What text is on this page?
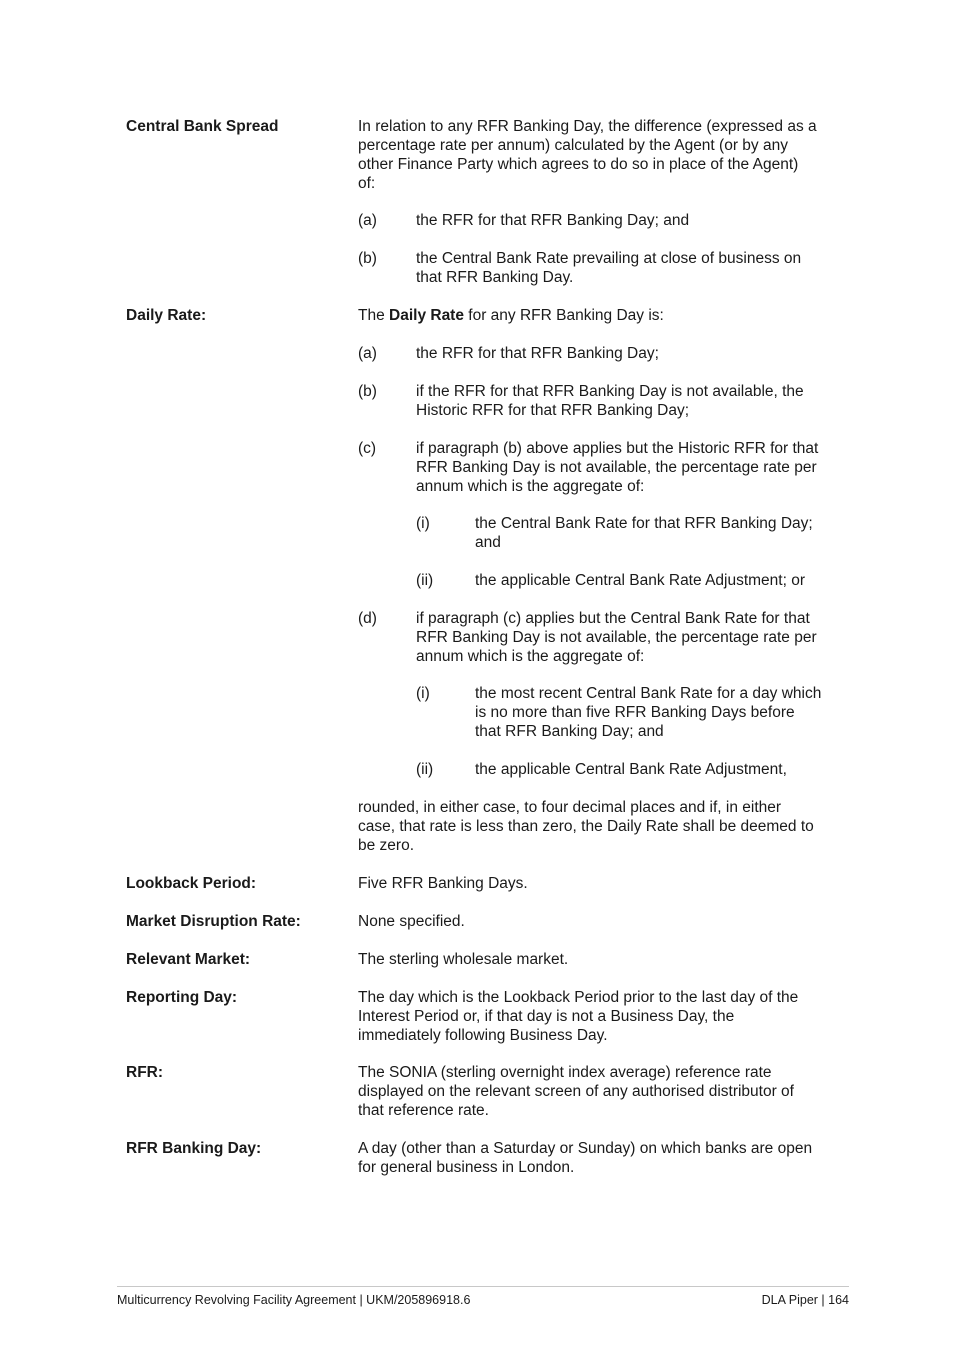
Central Bank Spread	In relation to any RFR Banking Day, the difference (expressed as a
percentage rate per annum) calculated by the Agent (or by any
other Finance Party which agrees to do so in place of the Agent)
of:
(a)	the RFR for that RFR Banking Day; and
(b)	the Central Bank Rate prevailing at close of business on
that RFR Banking Day.
Daily Rate:	The Daily Rate for any RFR Banking Day is:
(a)	the RFR for that RFR Banking Day;
(b)	if the RFR for that RFR Banking Day is not available, the
Historic RFR for that RFR Banking Day;
(c)	if paragraph (b) above applies but the Historic RFR for that
RFR Banking Day is not available, the percentage rate per
annum which is the aggregate of:
(i)	the Central Bank Rate for that RFR Banking Day;
and
(ii)	the applicable Central Bank Rate Adjustment; or
(d)	if paragraph (c) applies but the Central Bank Rate for that
RFR Banking Day is not available, the percentage rate per
annum which is the aggregate of:
(i)	the most recent Central Bank Rate for a day which
is no more than five RFR Banking Days before
that RFR Banking Day; and
(ii)	the applicable Central Bank Rate Adjustment,
rounded, in either case, to four decimal places and if, in either
case, that rate is less than zero, the Daily Rate shall be deemed to
be zero.
Lookback Period:	Five RFR Banking Days.
Market Disruption Rate:	None specified.
Relevant Market:	The sterling wholesale market.
Reporting Day:	The day which is the Lookback Period prior to the last day of the
Interest Period or, if that day is not a Business Day, the
immediately following Business Day.
RFR:	The SONIA (sterling overnight index average) reference rate
displayed on the relevant screen of any authorised distributor of
that reference rate.
RFR Banking Day:	A day (other than a Saturday or Sunday) on which banks are open
for general business in London.
Multicurrency Revolving Facility Agreement | UKM/205896918.6	DLA Piper | 164
